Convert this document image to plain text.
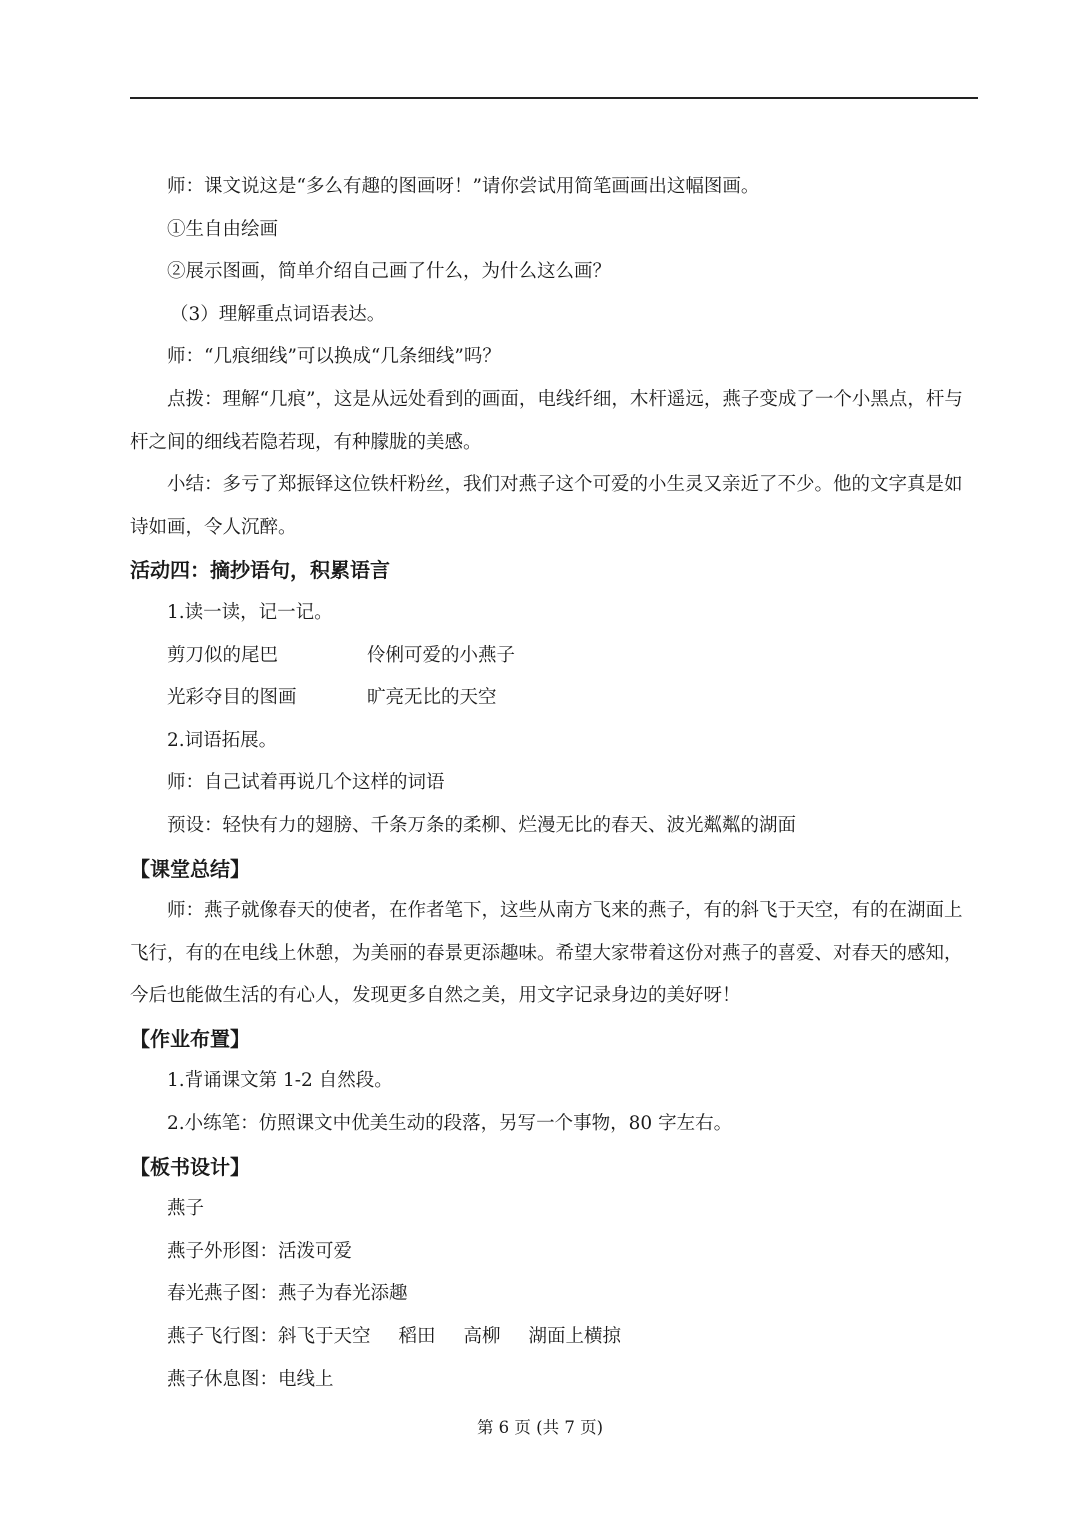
师：课文说这是“多么有趣的图画呀！”请你尝试用简笔画画出这幅图画。

①生自由绘画

②展示图画，简单介绍自己画了什么，为什么这么画？

（3）理解重点词语表达。

师：“几痕细线”可以换成“几条细线”吗？

点拨：理解“几痕”，这是从远处看到的画面，电线纤细，木杆遥远，燕子变成了一个小黑点，杆与杆之间的细线若隐若现，有种朦胧的美感。

小结：多亏了郑振铎这位铁杆粉丝，我们对燕子这个可爱的小生灵又亲近了不少。他的文字真是如诗如画，令人沉醉。

活动四：摘抄语句，积累语言

1.读一读，记一记。

剪刀似的尾巴	伶俐可爱的小燕子
光彩夺目的图画	旷亮无比的天空

2.词语拓展。

师：自己试着再说几个这样的词语

预设：轻快有力的翅膀、千条万条的柔柳、烂漫无比的春天、波光粼粼的湖面

【课堂总结】

师：燕子就像春天的使者，在作者笔下，这些从南方飞来的燕子，有的斜飞于天空，有的在湖面上飞行，有的在电线上休憩，为美丽的春景更添趣味。希望大家带着这份对燕子的喜爱、对春天的感知，今后也能做生活的有心人，发现更多自然之美，用文字记录身边的美好呀！

【作业布置】

1.背诵课文第 1-2 自然段。

2.小练笔：仿照课文中优美生动的段落，另写一个事物，80 字左右。

【板书设计】

燕子

燕子外形图：活泼可爱

春光燕子图：燕子为春光添趣

燕子飞行图：斜飞于天空 稻田 高柳 湖面上横掠

燕子休息图：电线上

第 6 页 (共 7 页)
